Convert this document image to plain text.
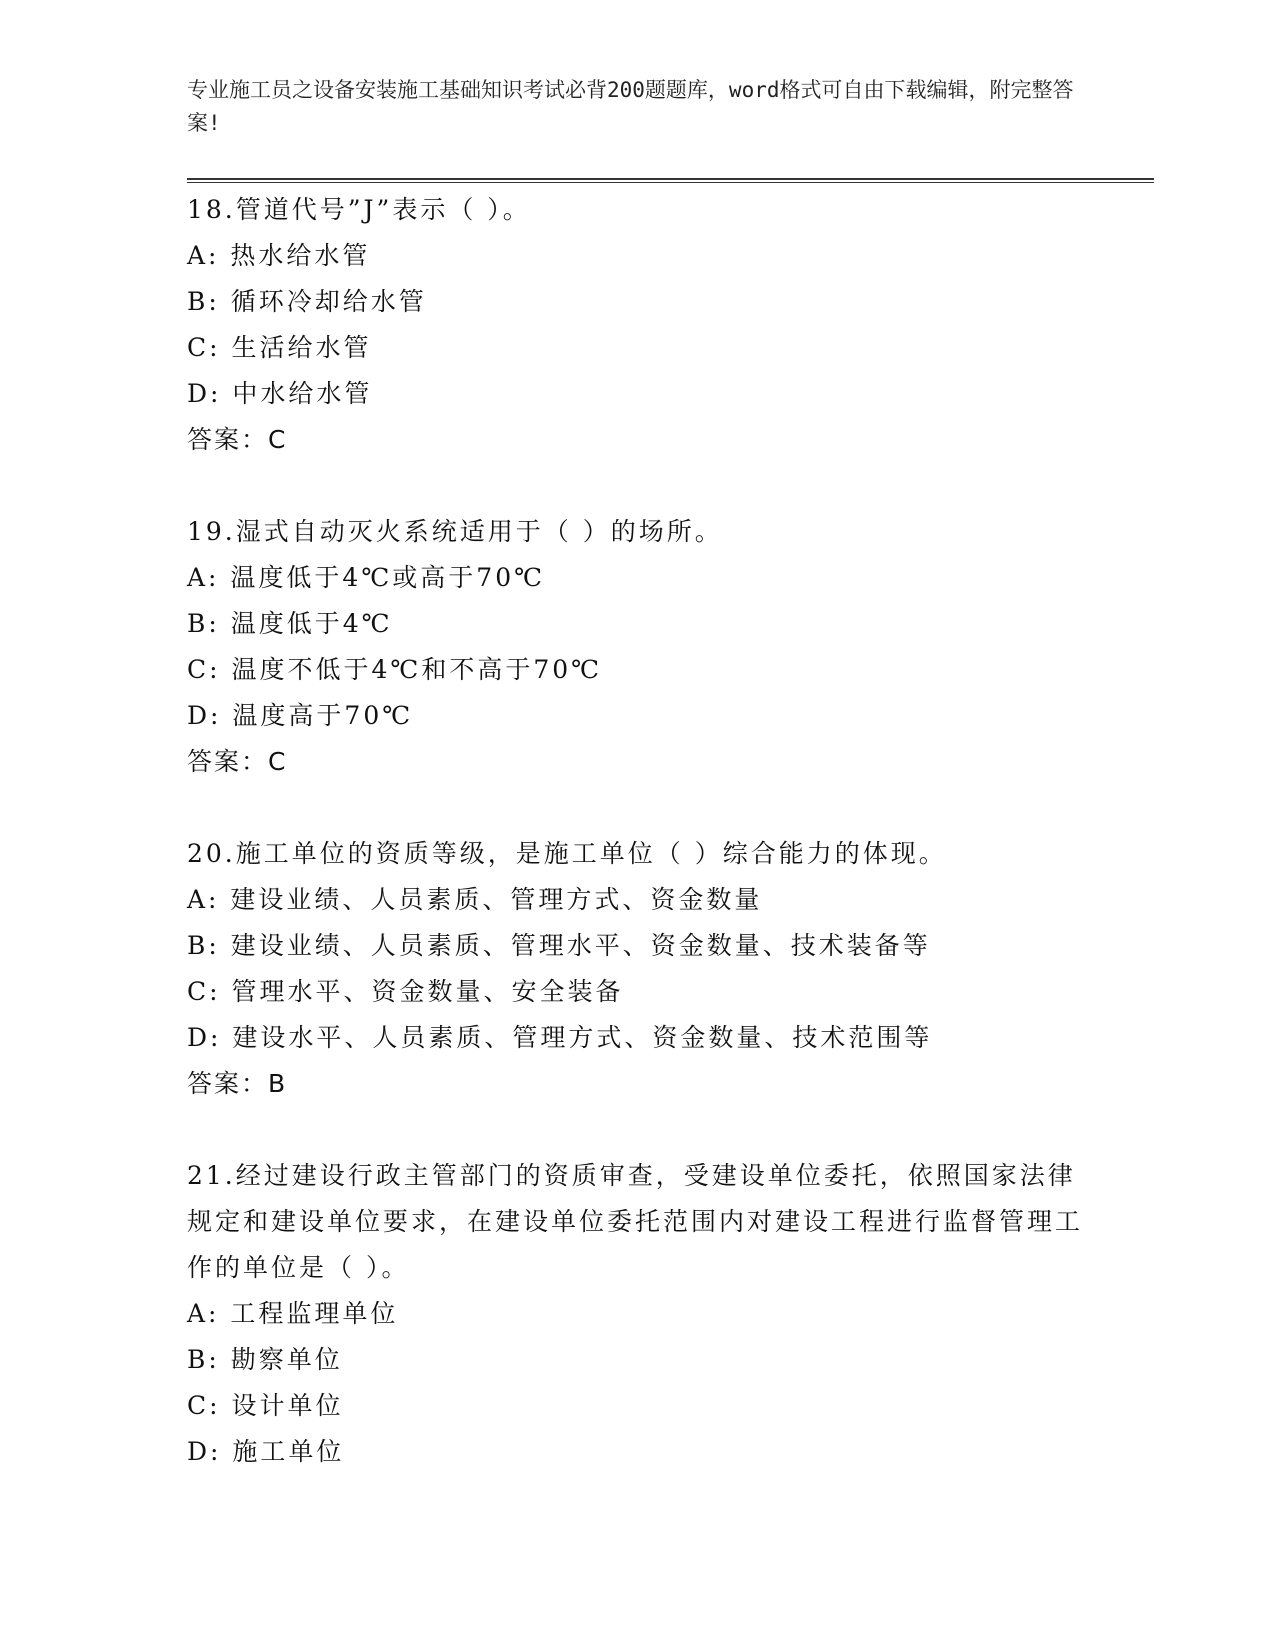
专业施工员之设备安装施工基础知识考试必背200题题库，word格式可自由下载编辑，附完整答案!
18.管道代号”J”表示（ ）。
A: 热水给水管
B: 循环冷却给水管
C: 生活给水管
D: 中水给水管
答案：C
19.湿式自动灭火系统适用于（ ）的场所。
A: 温度低于4℃或高于70℃
B: 温度低于4℃
C: 温度不低于4℃和不高于70℃
D: 温度高于70℃
答案：C
20.施工单位的资质等级，是施工单位（ ）综合能力的体现。
A: 建设业绩、人员素质、管理方式、资金数量
B: 建设业绩、人员素质、管理水平、资金数量、技术装备等
C: 管理水平、资金数量、安全装备
D: 建设水平、人员素质、管理方式、资金数量、技术范围等
答案：B
21.经过建设行政主管部门的资质审查，受建设单位委托，依照国家法律规定和建设单位要求，在建设单位委托范围内对建设工程进行监督管理工作的单位是（ ）。
A: 工程监理单位
B: 勘察单位
C: 设计单位
D: 施工单位
